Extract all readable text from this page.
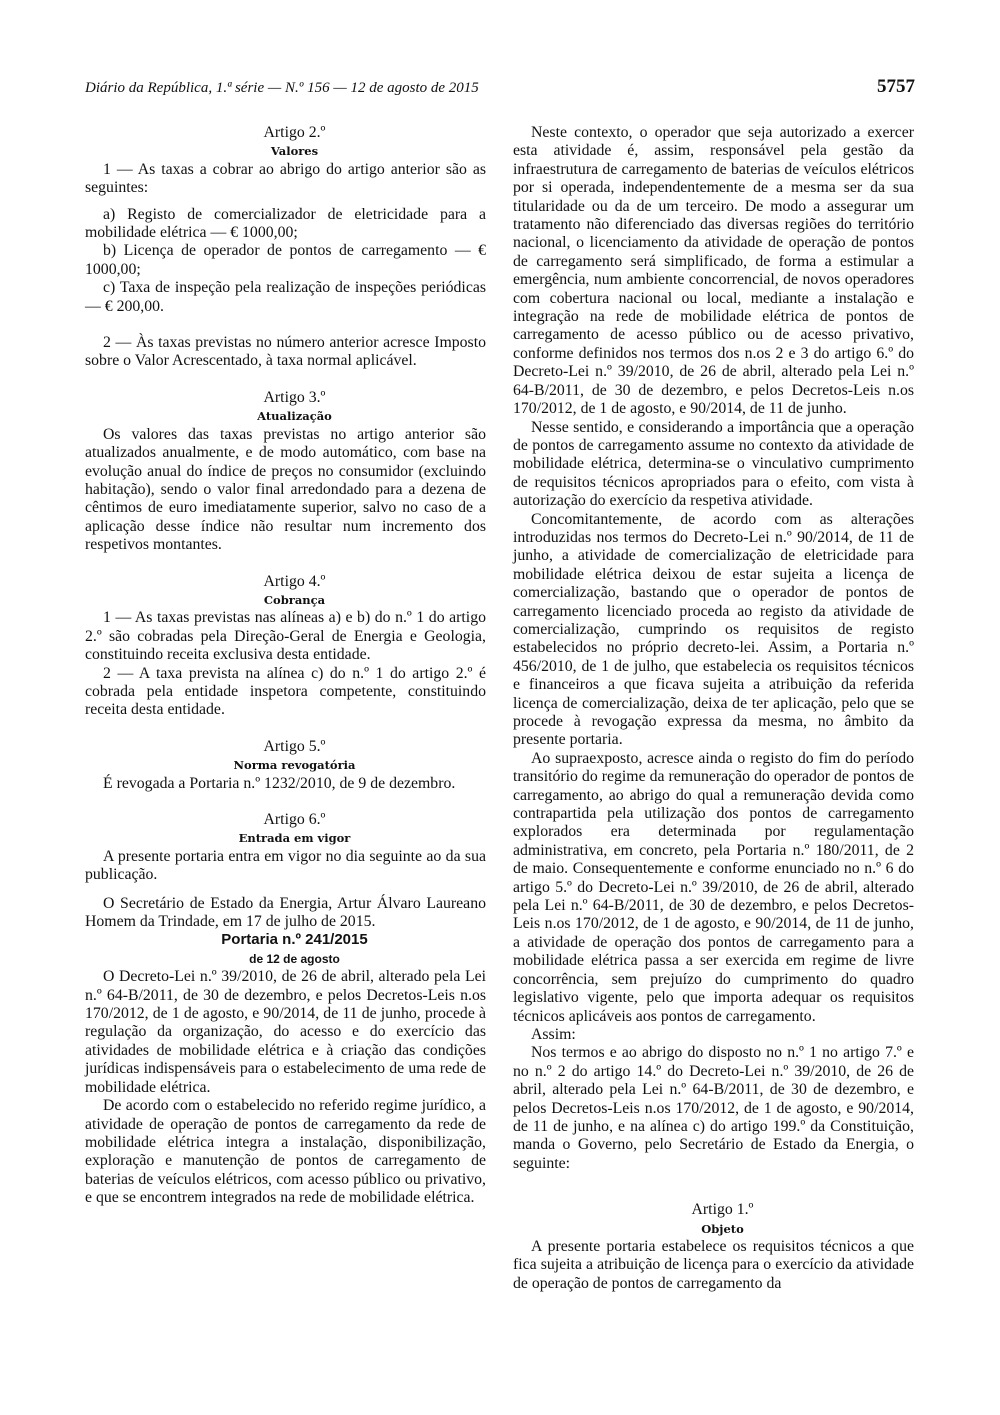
Diário da República, 1.ª série — N.º 156 — 12 de agosto de 2015	5757

Artigo 2.º

Valores

1 — As taxas a cobrar ao abrigo do artigo anterior são as seguintes:

a) Registo de comercializador de eletricidade para a mobilidade elétrica — € 1000,00;

b) Licença de operador de pontos de carregamento — € 1000,00;

c) Taxa de inspeção pela realização de inspeções periódicas — € 200,00.

2 — Às taxas previstas no número anterior acresce Imposto sobre o Valor Acrescentado, à taxa normal aplicável.

Artigo 3.º

Atualização

Os valores das taxas previstas no artigo anterior são atualizados anualmente, e de modo automático, com base na evolução anual do índice de preços no consumidor (excluindo habitação), sendo o valor final arredondado para a dezena de cêntimos de euro imediatamente superior, salvo no caso de a aplicação desse índice não resultar num incremento dos respetivos montantes.

Artigo 4.º

Cobrança

1 — As taxas previstas nas alíneas a) e b) do n.º 1 do artigo 2.º são cobradas pela Direção-Geral de Energia e Geologia, constituindo receita exclusiva desta entidade.

2 — A taxa prevista na alínea c) do n.º 1 do artigo 2.º é cobrada pela entidade inspetora competente, constituindo receita desta entidade.

Artigo 5.º

Norma revogatória

É revogada a Portaria n.º 1232/2010, de 9 de dezembro.

Artigo 6.º

Entrada em vigor

A presente portaria entra em vigor no dia seguinte ao da sua publicação.

O Secretário de Estado da Energia, Artur Álvaro Laureano Homem da Trindade, em 17 de julho de 2015.

Portaria n.º 241/2015

de 12 de agosto

O Decreto-Lei n.º 39/2010, de 26 de abril, alterado pela Lei n.º 64-B/2011, de 30 de dezembro, e pelos Decretos-Leis n.os 170/2012, de 1 de agosto, e 90/2014, de 11 de junho, procede à regulação da organização, do acesso e do exercício das atividades de mobilidade elétrica e à criação das condições jurídicas indispensáveis para o estabelecimento de uma rede de mobilidade elétrica.

De acordo com o estabelecido no referido regime jurídico, a atividade de operação de pontos de carregamento da rede de mobilidade elétrica integra a instalação, disponibilização, exploração e manutenção de pontos de carregamento de baterias de veículos elétricos, com acesso público ou privativo, e que se encontrem integrados na rede de mobilidade elétrica.

Neste contexto, o operador que seja autorizado a exercer esta atividade é, assim, responsável pela gestão da infraestrutura de carregamento de baterias de veículos elétricos por si operada, independentemente de a mesma ser da sua titularidade ou da de um terceiro. De modo a assegurar um tratamento não diferenciado das diversas regiões do território nacional, o licenciamento da atividade de operação de pontos de carregamento será simplificado, de forma a estimular a emergência, num ambiente concorrencial, de novos operadores com cobertura nacional ou local, mediante a instalação e integração na rede de mobilidade elétrica de pontos de carregamento de acesso público ou de acesso privativo, conforme definidos nos termos dos n.os 2 e 3 do artigo 6.º do Decreto-Lei n.º 39/2010, de 26 de abril, alterado pela Lei n.º 64-B/2011, de 30 de dezembro, e pelos Decretos-Leis n.os 170/2012, de 1 de agosto, e 90/2014, de 11 de junho.

Nesse sentido, e considerando a importância que a operação de pontos de carregamento assume no contexto da atividade de mobilidade elétrica, determina-se o vinculativo cumprimento de requisitos técnicos apropriados para o efeito, com vista à autorização do exercício da respetiva atividade.

Concomitantemente, de acordo com as alterações introduzidas nos termos do Decreto-Lei n.º 90/2014, de 11 de junho, a atividade de comercialização de eletricidade para mobilidade elétrica deixou de estar sujeita a licença de comercialização, bastando que o operador de pontos de carregamento licenciado proceda ao registo da atividade de comercialização, cumprindo os requisitos de registo estabelecidos no próprio decreto-lei. Assim, a Portaria n.º 456/2010, de 1 de julho, que estabelecia os requisitos técnicos e financeiros a que ficava sujeita a atribuição da referida licença de comercialização, deixa de ter aplicação, pelo que se procede à revogação expressa da mesma, no âmbito da presente portaria.

Ao supraexposto, acresce ainda o registo do fim do período transitório do regime da remuneração do operador de pontos de carregamento, ao abrigo do qual a remuneração devida como contrapartida pela utilização dos pontos de carregamento explorados era determinada por regulamentação administrativa, em concreto, pela Portaria n.º 180/2011, de 2 de maio. Consequentemente e conforme enunciado no n.º 6 do artigo 5.º do Decreto-Lei n.º 39/2010, de 26 de abril, alterado pela Lei n.º 64-B/2011, de 30 de dezembro, e pelos Decretos-Leis n.os 170/2012, de 1 de agosto, e 90/2014, de 11 de junho, a atividade de operação dos pontos de carregamento para a mobilidade elétrica passa a ser exercida em regime de livre concorrência, sem prejuízo do cumprimento do quadro legislativo vigente, pelo que importa adequar os requisitos técnicos aplicáveis aos pontos de carregamento.

Assim:

Nos termos e ao abrigo do disposto no n.º 1 no artigo 7.º e no n.º 2 do artigo 14.º do Decreto-Lei n.º 39/2010, de 26 de abril, alterado pela Lei n.º 64-B/2011, de 30 de dezembro, e pelos Decretos-Leis n.os 170/2012, de 1 de agosto, e 90/2014, de 11 de junho, e na alínea c) do artigo 199.º da Constituição, manda o Governo, pelo Secretário de Estado da Energia, o seguinte:

Artigo 1.º

Objeto

A presente portaria estabelece os requisitos técnicos a que fica sujeita a atribuição de licença para o exercício da atividade de operação de pontos de carregamento da
